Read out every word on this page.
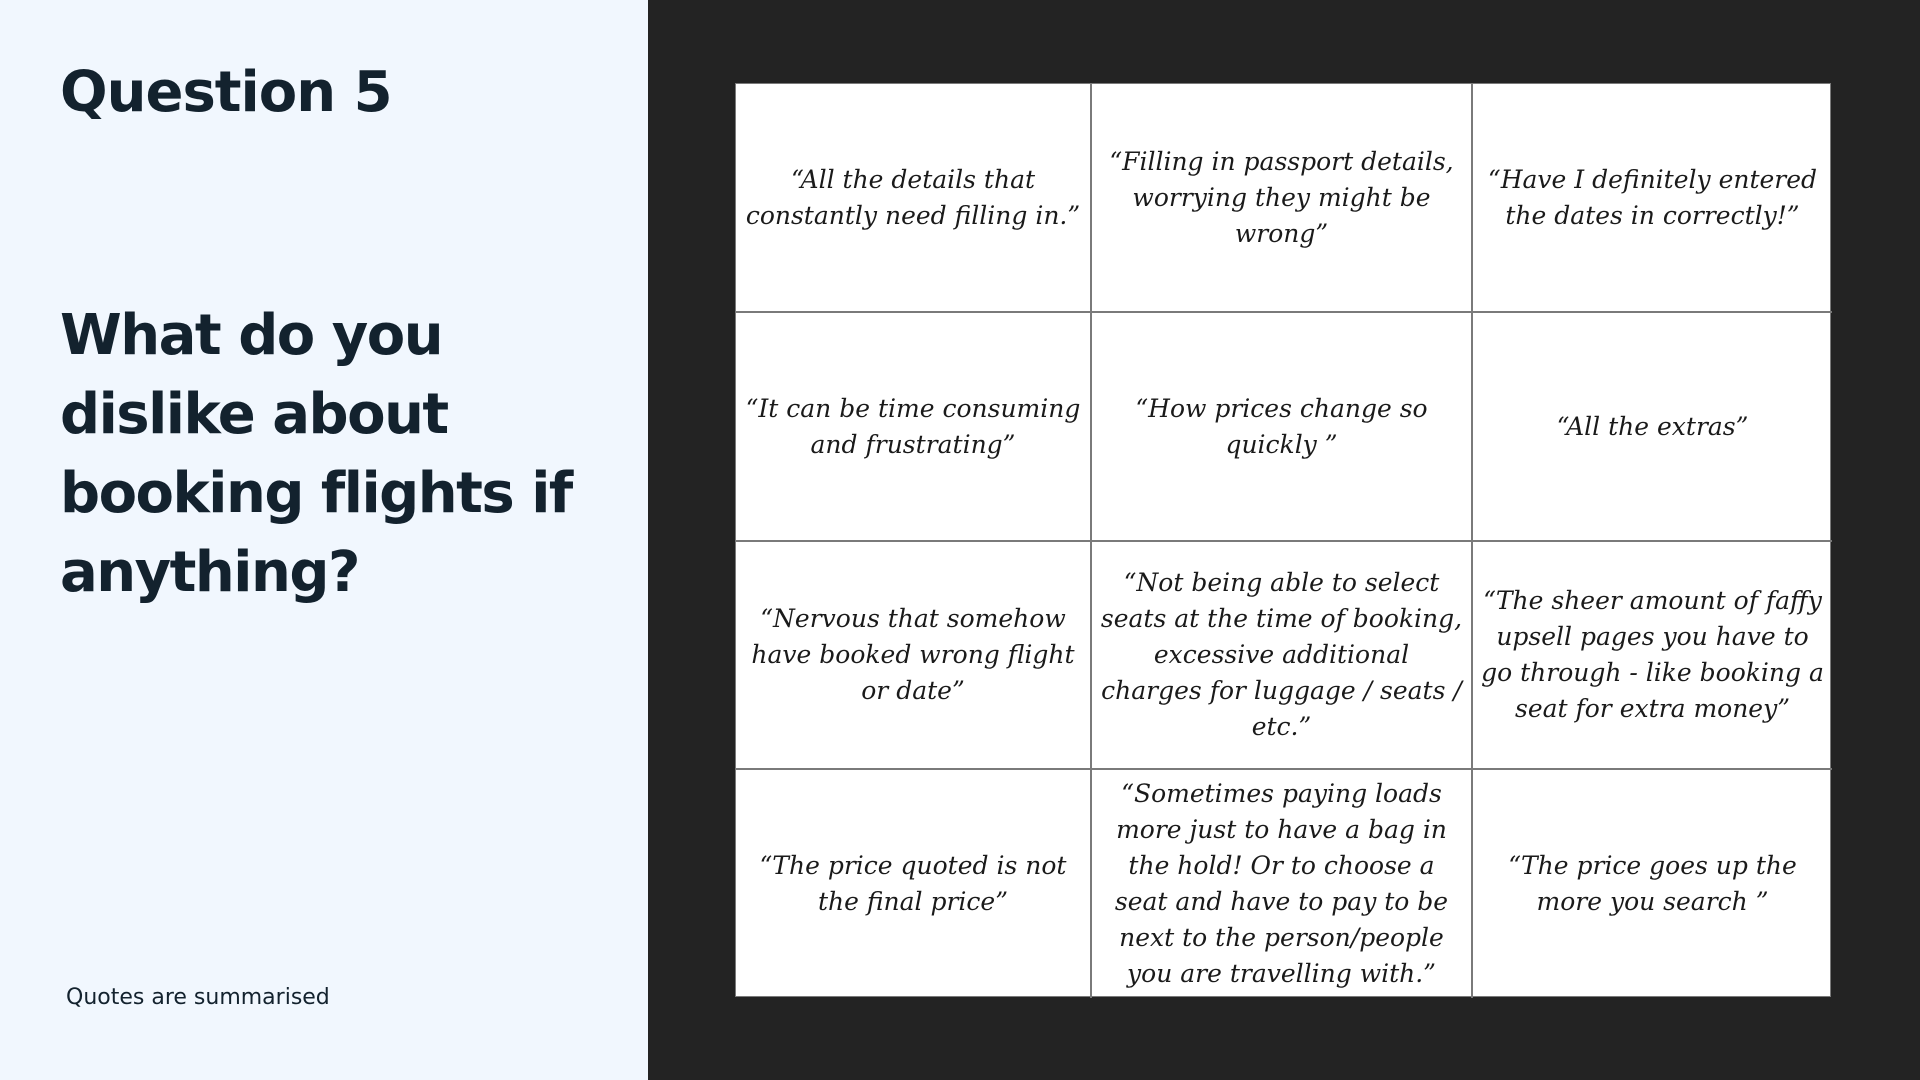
Question 5
What do you dislike about booking flights if anything?
Quotes are summarised
“All the details that constantly need filling in.”
“Filling in passport details, worrying they might be wrong”
“Have I definitely entered the dates in correctly!”
“It can be time consuming and frustrating”
“How prices change so quickly ”
“All the extras”
“Nervous that somehow have booked wrong flight or date”
“Not being able to select seats at the time of booking, excessive additional charges for luggage / seats / etc.”
“The sheer amount of faffy upsell pages you have to go through - like booking a seat for extra money”
“The price quoted is not the final price”
“Sometimes paying loads more just to have a bag in the hold! Or to choose a seat and have to pay to be next to the person/people you are travelling with.”
“The price goes up the more you search ”
